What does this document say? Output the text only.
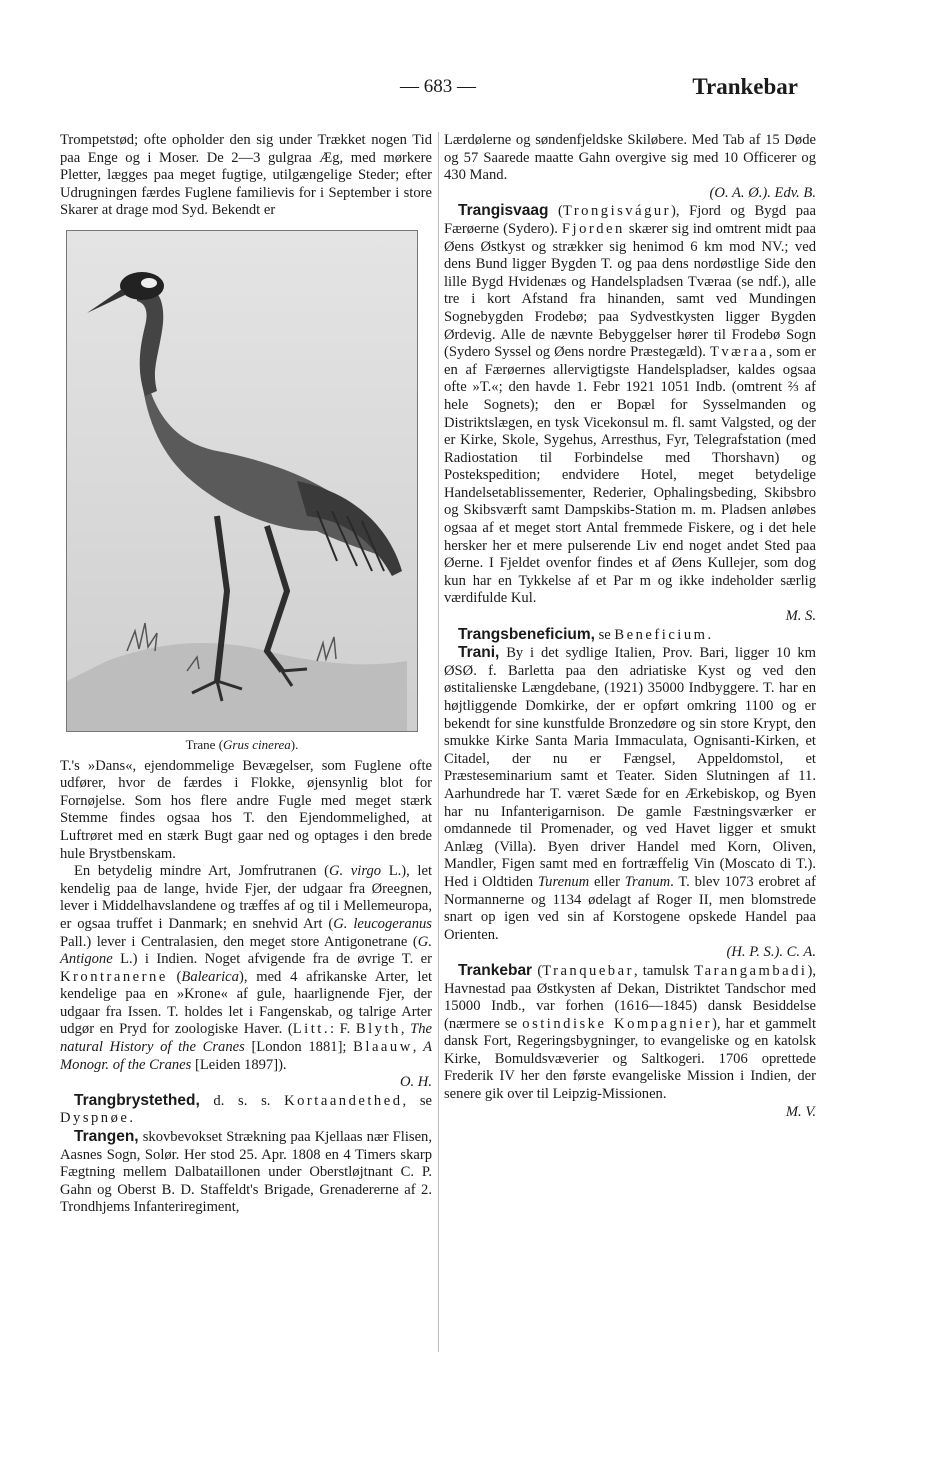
— 683 —	Trankebar

Trompetstød; ofte opholder den sig under Trækket nogen Tid paa Enge og i Moser. De 2—3 gulgraa Æg, med mørkere Pletter, lægges paa meget fugtige, utilgængelige Steder; efter Udrugningen færdes Fuglene familievis for i September i store Skarer at drage mod Syd. Bekendt er

Trane (Grus cinerea).

T.'s »Dans«, ejendommelige Bevægelser, som Fuglene ofte udfører, hvor de færdes i Flokke, øjensynlig blot for Fornøjelse. Som hos flere andre Fugle med meget stærk Stemme findes ogsaa hos T. den Ejendommelighed, at Luftrøret med en stærk Bugt gaar ned og optages i den brede hule Brystbenskam.

En betydelig mindre Art, Jomfrutranen (G. virgo L.), let kendelig paa de lange, hvide Fjer, der udgaar fra Øreegnen, lever i Middelhavslandene og træffes af og til i Mellemeuropa, er ogsaa truffet i Danmark; en snehvid Art (G. leucogeranus Pall.) lever i Centralasien, den meget store Antigonetrane (G. Antigone L.) i Indien. Noget afvigende fra de øvrige T. er Krontranerne (Balearica), med 4 afrikanske Arter, let kendelige paa en »Krone« af gule, haarlignende Fjer, der udgaar fra Issen. T. holdes let i Fangenskab, og talrige Arter udgør en Pryd for zoologiske Haver. (Litt.: F. Blyth, The natural History of the Cranes [London 1881]; Blaauw, A Monogr. of the Cranes [Leiden 1897]).
O. H.

Trangbrystethed, d. s. s. Kortaandethed, se Dyspnøe.

Trangen, skovbevokset Strækning paa Kjellaas nær Flisen, Aasnes Sogn, Solør. Her stod 25. Apr. 1808 en 4 Timers skarp Fægtning mellem Dalbataillonen under Oberstløjtnant C. P. Gahn og Oberst B. D. Staffeldt's Brigade, Grenadererne af 2. Trondhjems Infanteriregiment,

Lærdølerne og søndenfjeldske Skiløbere. Med Tab af 15 Døde og 57 Saarede maatte Gahn overgive sig med 10 Officerer og 430 Mand.

(O. A. Ø.). Edv. B.

Trangisvaag (Trongisvágur), Fjord og Bygd paa Færøerne (Sydero). Fjorden skærer sig ind omtrent midt paa Øens Østkyst og strækker sig henimod 6 km mod NV.; ved dens Bund ligger Bygden T. og paa dens nordøstlige Side den lille Bygd Hvidenæs og Handelspladsen Tværaa (se ndf.), alle tre i kort Afstand fra hinanden, samt ved Mundingen Sognebygden Frodebø; paa Sydvestkysten ligger Bygden Ørdevig. Alle de nævnte Bebyggelser hører til Frodebø Sogn (Sydero Syssel og Øens nordre Præstegæld). Tværaa, som er en af Færøernes allervigtigste Handelspladser, kaldes ogsaa ofte »T.«; den havde 1. Febr 1921 1051 Indb. (omtrent ⅔ af hele Sognets); den er Bopæl for Sysselmanden og Distriktslægen, en tysk Vicekonsul m. fl. samt Valgsted, og der er Kirke, Skole, Sygehus, Arresthus, Fyr, Telegrafstation (med Radiostation til Forbindelse med Thorshavn) og Postekspedition; endvidere Hotel, meget betydelige Handelsetablissementer, Rederier, Ophalingsbeding, Skibsbro og Skibsværft samt Dampskibs-Station m. m. Pladsen anløbes ogsaa af et meget stort Antal fremmede Fiskere, og i det hele hersker her et mere pulserende Liv end noget andet Sted paa Øerne. I Fjeldet ovenfor findes et af Øens Kullejer, som dog kun har en Tykkelse af et Par m og ikke indeholder særlig værdifulde Kul.
M. S.

Trangsbeneficium, se Beneficium.

Trani, By i det sydlige Italien, Prov. Bari, ligger 10 km ØSØ. f. Barletta paa den adriatiske Kyst og ved den østitalienske Længdebane, (1921) 35000 Indbyggere. T. har en højtliggende Domkirke, der er opført omkring 1100 og er bekendt for sine kunstfulde Bronzedøre og sin store Krypt, den smukke Kirke Santa Maria Immaculata, Ognisanti-Kirken, et Citadel, der nu er Fængsel, Appeldomstol, et Præsteseminarium samt et Teater. Siden Slutningen af 11. Aarhundrede har T. været Sæde for en Ærkebiskop, og Byen har nu Infanterigarnison. De gamle Fæstningsværker er omdannede til Promenader, og ved Havet ligger et smukt Anlæg (Villa). Byen driver Handel med Korn, Oliven, Mandler, Figen samt med en fortræffelig Vin (Moscato di T.). Hed i Oldtiden Turenum eller Tranum. T. blev 1073 erobret af Normannerne og 1134 ødelagt af Roger II, men blomstrede snart op igen ved sin af Korstogene opskede Handel paa Orienten.
(H. P. S.). C. A.

Trankebar (Tranquebar, tamulsk Tarangambadi), Havnestad paa Østkysten af Dekan, Distriktet Tandschor med 15000 Indb., var forhen (1616—1845) dansk Besiddelse (nærmere se ostindiske Kompagnier), har et gammelt dansk Fort, Regeringsbygninger, to evangeliske og en katolsk Kirke, Bomuldsvæverier og Saltkogeri. 1706 oprettede Frederik IV her den første evangeliske Mission i Indien, der senere gik over til Leipzig-Missionen.
M. V.
